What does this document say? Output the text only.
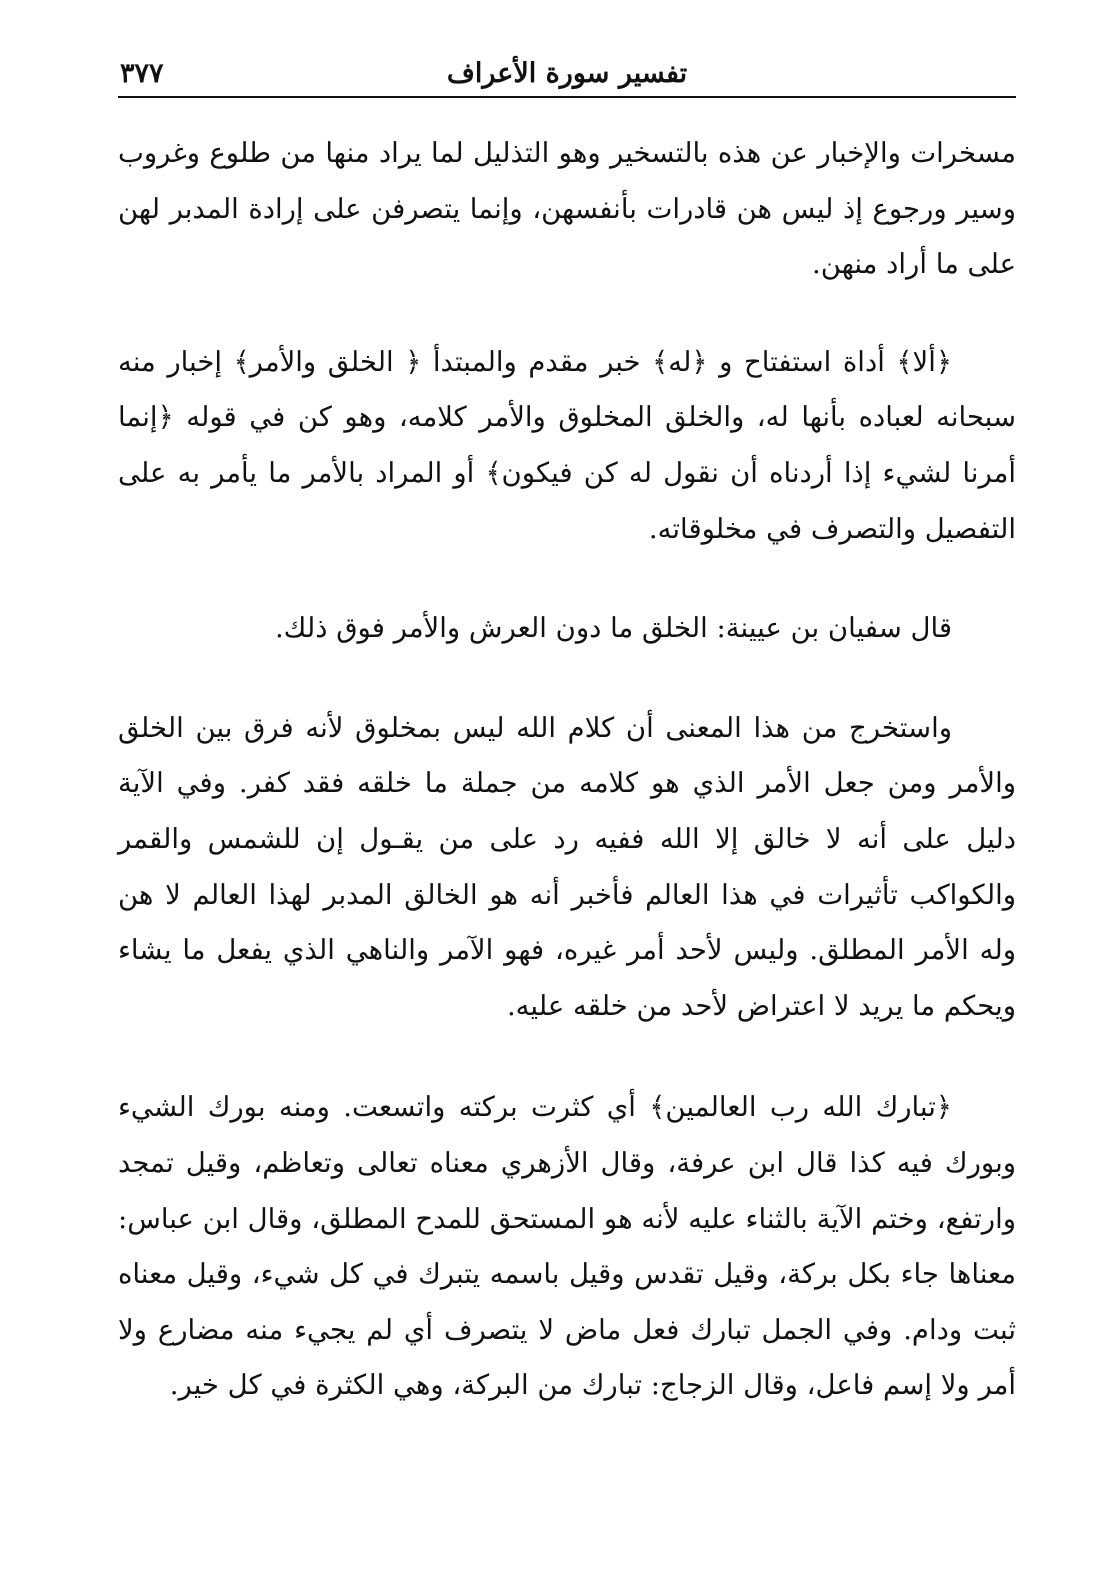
تفسير سورة الأعراف
٣٧٧

مسخرات والإخبار عن هذه بالتسخير وهو التذليل لما يراد منها من طلوع وغروب وسير ورجوع إذ ليس هن قادرات بأنفسهن، وإنما يتصرفن على إرادة المدبر لهن على ما أراد منهن.

﴿ألا﴾ أداة استفتاح و ﴿له﴾ خبر مقدم والمبتدأ ﴿ الخلق والأمر﴾ إخبار منه سبحانه لعباده بأنها له، والخلق المخلوق والأمر كلامه، وهو كن في قوله ﴿إنما أمرنا لشيء إذا أردناه أن نقول له كن فيكون﴾ أو المراد بالأمر ما يأمر به على التفصيل والتصرف في مخلوقاته.

قال سفيان بن عيينة: الخلق ما دون العرش والأمر فوق ذلك.

واستخرج من هذا المعنى أن كلام الله ليس بمخلوق لأنه فرق بين الخلق والأمر ومن جعل الأمر الذي هو كلامه من جملة ما خلقه فقد كفر. وفي الآية دليل على أنه لا خالق إلا الله ففيه رد على من يقـول إن للشمس والقمر والكواكب تأثيرات في هذا العالم فأخبر أنه هو الخالق المدبر لهذا العالم لا هن وله الأمر المطلق. وليس لأحد أمر غيره، فهو الآمر والناهي الذي يفعل ما يشاء ويحكم ما يريد لا اعتراض لأحد من خلقه عليه.

﴿تبارك الله رب العالمين﴾ أي كثرت بركته واتسعت. ومنه بورك الشيء وبورك فيه كذا قال ابن عرفة، وقال الأزهري معناه تعالى وتعاظم، وقيل تمجد وارتفع، وختم الآية بالثناء عليه لأنه هو المستحق للمدح المطلق، وقال ابن عباس: معناها جاء بكل بركة، وقيل تقدس وقيل باسمه يتبرك في كل شيء، وقيل معناه ثبت ودام. وفي الجمل تبارك فعل ماض لا يتصرف أي لم يجيء منه مضارع ولا أمر ولا إسم فاعل، وقال الزجاج: تبارك من البركة، وهي الكثرة في كل خير.
